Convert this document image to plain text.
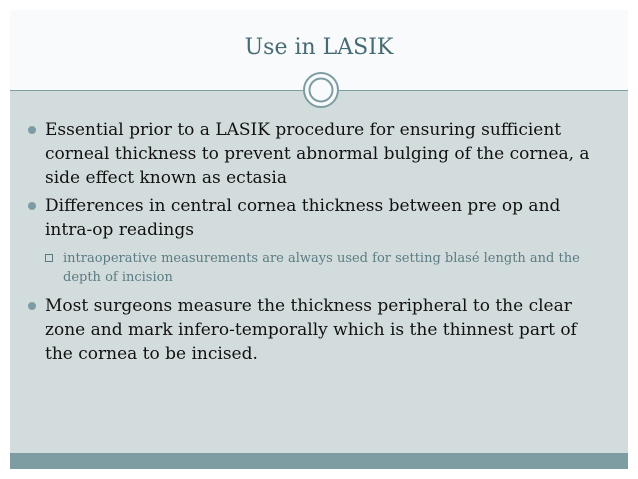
Use in LASIK
Essential prior to a LASIK procedure for ensuring sufficient corneal thickness to prevent abnormal bulging of the cornea, a side effect known as ectasia
Differences in central cornea thickness between pre op and intra-op readings
intraoperative measurements are always used for setting blasé length and the depth of incision
Most surgeons measure the thickness peripheral to the clear zone and mark infero-temporally which is the thinnest part of the cornea to be incised.
